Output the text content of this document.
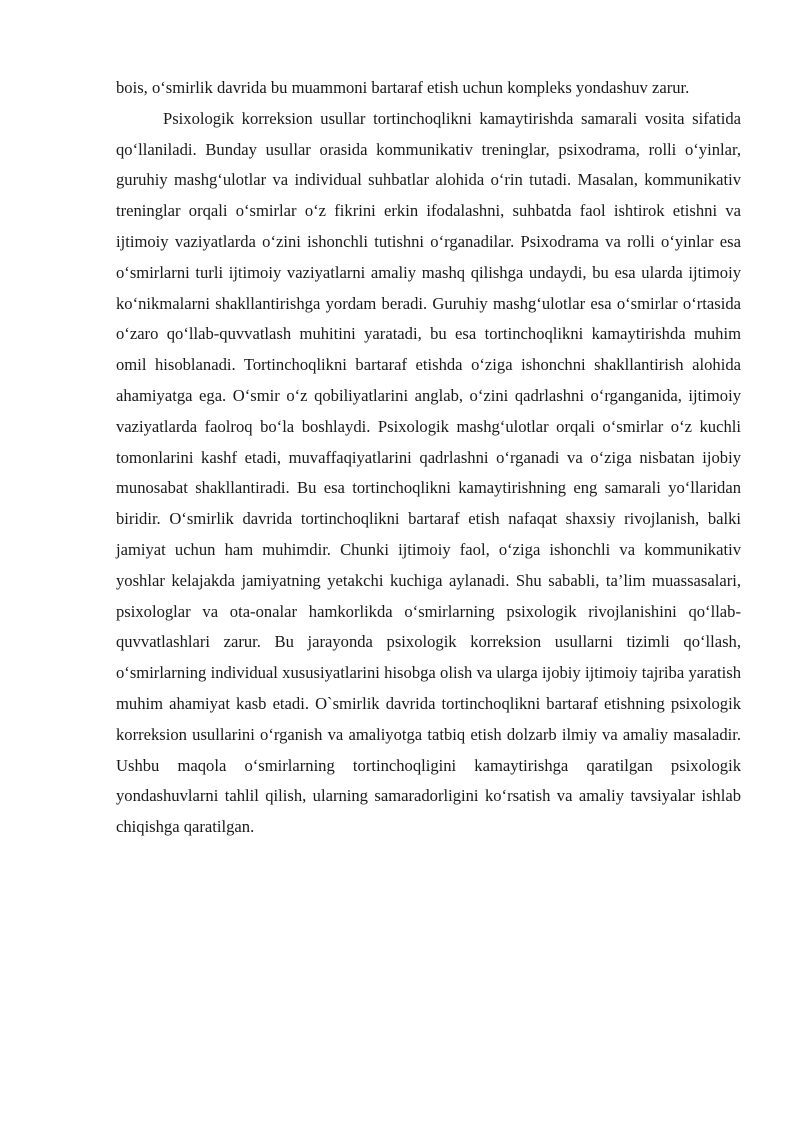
bois, o‘smirlik davrida bu muammoni bartaraf etish uchun kompleks yondashuv zarur.

Psixologik korreksion usullar tortinchoqlikni kamaytirishda samarali vosita sifatida qo‘llaniladi. Bunday usullar orasida kommunikativ treninglar, psixodrama, rolli o‘yinlar, guruhiy mashg‘ulotlar va individual suhbatlar alohida o‘rin tutadi. Masalan, kommunikativ treninglar orqali o‘smirlar o‘z fikrini erkin ifodalashni, suhbatda faol ishtirok etishni va ijtimoiy vaziyatlarda o‘zini ishonchli tutishni o‘rganadilar. Psixodrama va rolli o‘yinlar esa o‘smirlarni turli ijtimoiy vaziyatlarni amaliy mashq qilishga undaydi, bu esa ularda ijtimoiy ko‘nikmalarni shakllantirishga yordam beradi. Guruhiy mashg‘ulotlar esa o‘smirlar o‘rtasida o‘zaro qo‘llab-quvvatlash muhitini yaratadi, bu esa tortinchoqlikni kamaytirishda muhim omil hisoblanadi. Tortinchoqlikni bartaraf etishda o‘ziga ishonchni shakllantirish alohida ahamiyatga ega. O‘smir o‘z qobiliyatlarini anglab, o‘zini qadrlashni o‘rganganida, ijtimoiy vaziyatlarda faolroq bo‘la boshlaydi. Psixologik mashg‘ulotlar orqali o‘smirlar o‘z kuchli tomonlarini kashf etadi, muvaffaqiyatlarini qadrlashni o‘rganadi va o‘ziga nisbatan ijobiy munosabat shakllantiradi. Bu esa tortinchoqlikni kamaytirishning eng samarali yo‘llaridan biridir. O‘smirlik davrida tortinchoqlikni bartaraf etish nafaqat shaxsiy rivojlanish, balki jamiyat uchun ham muhimdir. Chunki ijtimoiy faol, o‘ziga ishonchli va kommunikativ yoshlar kelajakda jamiyatning yetakchi kuchiga aylanadi. Shu sababli, ta’lim muassasalari, psixologlar va ota-onalar hamkorlikda o‘smirlarning psixologik rivojlanishini qo‘llab-quvvatlashlari zarur. Bu jarayonda psixologik korreksion usullarni tizimli qo‘llash, o‘smirlarning individual xususiyatlarini hisobga olish va ularga ijobiy ijtimoiy tajriba yaratish muhim ahamiyat kasb etadi. O`smirlik davrida tortinchoqlikni bartaraf etishning psixologik korreksion usullarini o‘rganish va amaliyotga tatbiq etish dolzarb ilmiy va amaliy masaladir. Ushbu maqola o‘smirlarning tortinchoqligini kamaytirishga qaratilgan psixologik yondashuvlarni tahlil qilish, ularning samaradorligini ko‘rsatish va amaliy tavsiyalar ishlab chiqishga qaratilgan.
